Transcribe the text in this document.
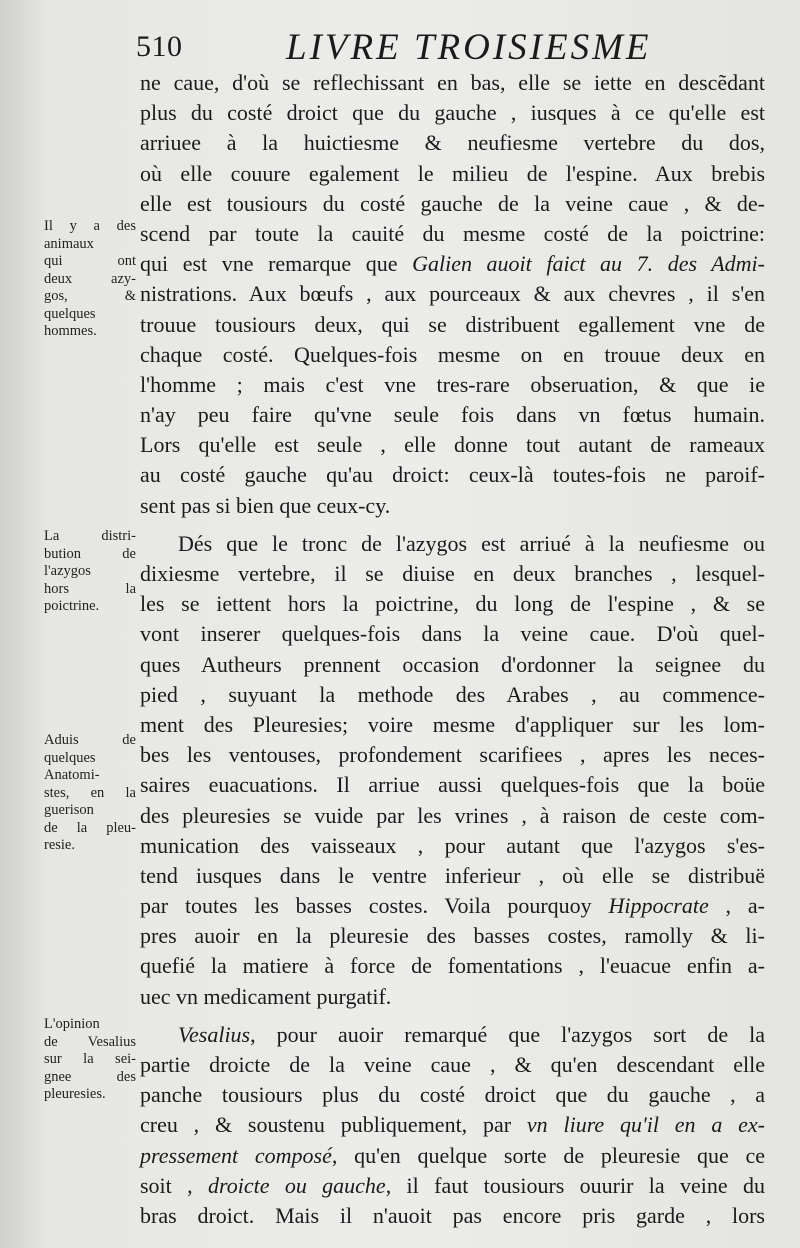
510	LIVRE TROISIESME
Il y a des
animaux
qui ont
deux azy-
gos, &
quelques
hommes.
La distri-
bution de
l'azygos
hors la
poictrine.
Aduis de
quelques
Anatomi-
stes, en la
guerison
de la pleu-
resie.
L'opinion
de Vesalius
sur la sei-
gnee des
pleuresies.
ne caue, d'où se reflechissant en bas, elle se iette en descẽdant
plus du costé droict que du gauche , iusques à ce qu'elle est
arriuee à la huictiesme & neufiesme vertebre du dos,
où elle couure egalement le milieu de l'espine. Aux brebis
elle est tousiours du costé gauche de la veine caue , & de-
scend par toute la cauité du mesme costé de la poictrine:
qui est vne remarque que Galien auoit faict au 7. des Admi-
nistrations. Aux bœufs , aux pourceaux & aux chevres , il s'en
trouue tousiours deux, qui se distribuent egallement vne de
chaque costé. Quelques-fois mesme on en trouue deux en
l'homme ; mais c'est vne tres-rare obseruation, & que ie
n'ay peu faire qu'vne seule fois dans vn fœtus humain.
Lors qu'elle est seule , elle donne tout autant de rameaux
au costé gauche qu'au droict: ceux-là toutes-fois ne paroif-
sent pas si bien que ceux-cy.
Dés que le tronc de l'azygos est arriué à la neufiesme ou
dixiesme vertebre, il se diuise en deux branches , lesquel-
les se iettent hors la poictrine, du long de l'espine , & se
vont inserer quelques-fois dans la veine caue. D'où quel-
ques Autheurs prennent occasion d'ordonner la seignee du
pied , suyuant la methode des Arabes , au commence-
ment des Pleuresies; voire mesme d'appliquer sur les lom-
bes les ventouses, profondement scarifiees , apres les neces-
saires euacuations. Il arriue aussi quelques-fois que la boüe
des pleuresies se vuide par les vrines , à raison de ceste com-
munication des vaisseaux , pour autant que l'azygos s'es-
tend iusques dans le ventre inferieur , où elle se distribuë
par toutes les basses costes. Voila pourquoy Hippocrate , a-
pres auoir en la pleuresie des basses costes, ramolly & li-
quefié la matiere à force de fomentations , l'euacue enfin a-
uec vn medicament purgatif.
Vesalius, pour auoir remarqué que l'azygos sort de la
partie droicte de la veine caue , & qu'en descendant elle
panche tousiours plus du costé droict que du gauche , a
creu , & soustenu publiquement, par vn liure qu'il en a ex-
pressement composé, qu'en quelque sorte de pleuresie que ce
soit , droicte ou gauche, il faut tousiours ouurir la veine du
bras droict. Mais il n'auoit pas encore pris garde , lors
